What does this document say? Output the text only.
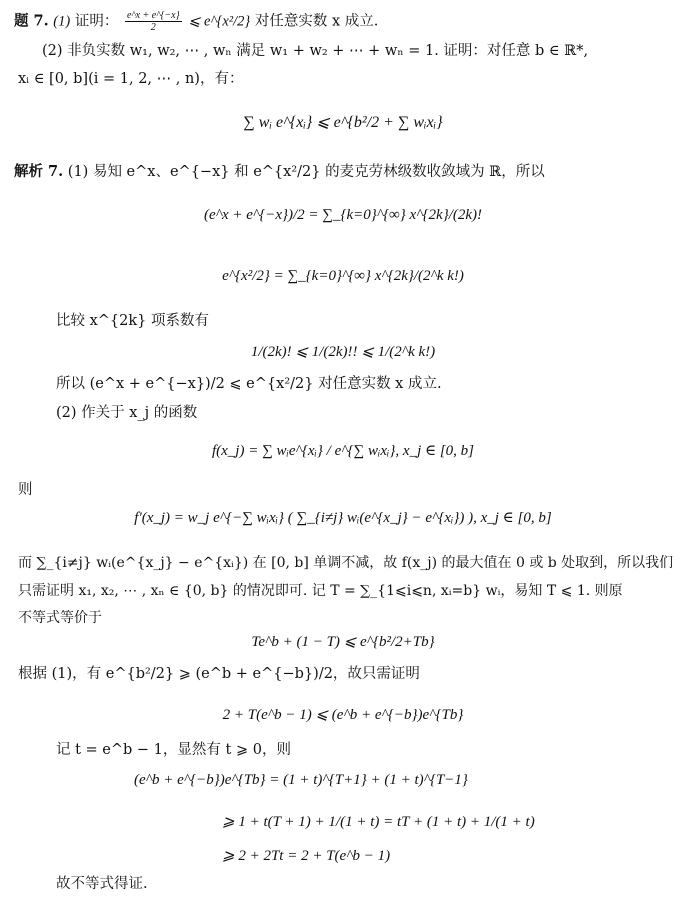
题 7. (1) 证明： $\frac{e\^{}x + e\^{}\{-x\}}{2}$ ⩽ e^{x²/2} 对任意实数 x 成立.
(2) 非负实数 w₁, w₂, ⋯ , wₙ 满足 w₁ + w₂ + ⋯ + wₙ = 1. 证明：对任意 b ∈ ℝ*,
xᵢ ∈ [0, b](i = 1, 2, ⋯ , n)，有：
∑ wᵢ e^{xᵢ} ⩽ e^{b²/2 + ∑ wᵢxᵢ}
解析 7. (1) 易知 e^x、e^{−x} 和 e^{x²/2} 的麦克劳林级数收敛域为 ℝ，所以
(e^x + e^{−x})/2 = ∑_{k=0}^{∞} x^{2k}/(2k)!
e^{x²/2} = ∑_{k=0}^{∞} x^{2k}/(2^k k!)
比较 x^{2k} 项系数有
1/(2k)! ⩽ 1/(2k)!! ⩽ 1/(2^k k!)
所以 (e^x + e^{−x})/2 ⩽ e^{x²/2} 对任意实数 x 成立.
(2) 作关于 x_j 的函数
f(x_j) = ∑ wᵢe^{xᵢ} / e^{∑ wᵢxᵢ}, x_j ∈ [0, b]
则
f′(x_j) = w_j e^{−∑ wᵢxᵢ} ( ∑_{i≠j} wᵢ(e^{x_j} − e^{xᵢ}) ), x_j ∈ [0, b]
而 ∑_{i≠j} wᵢ(e^{x_j} − e^{xᵢ}) 在 [0, b] 单调不减，故 f(x_j) 的最大值在 0 或 b 处取到，所以我们
只需证明 x₁, x₂, ⋯ , xₙ ∈ {0, b} 的情况即可. 记 T = ∑_{1⩽i⩽n, xᵢ=b} wᵢ，易知 T ⩽ 1. 则原
不等式等价于
Te^b + (1 − T) ⩽ e^{b²/2+Tb}
根据 (1)，有 e^{b²/2} ⩾ (e^b + e^{−b})/2，故只需证明
2 + T(e^b − 1) ⩽ (e^b + e^{−b})e^{Tb}
记 t = e^b − 1，显然有 t ⩾ 0，则
(e^b + e^{−b})e^{Tb} = (1 + t)^{T+1} + (1 + t)^{T−1}
⩾ 1 + t(T + 1) + 1/(1 + t) = tT + (1 + t) + 1/(1 + t)
⩾ 2 + 2Tt = 2 + T(e^b − 1)
故不等式得证.
